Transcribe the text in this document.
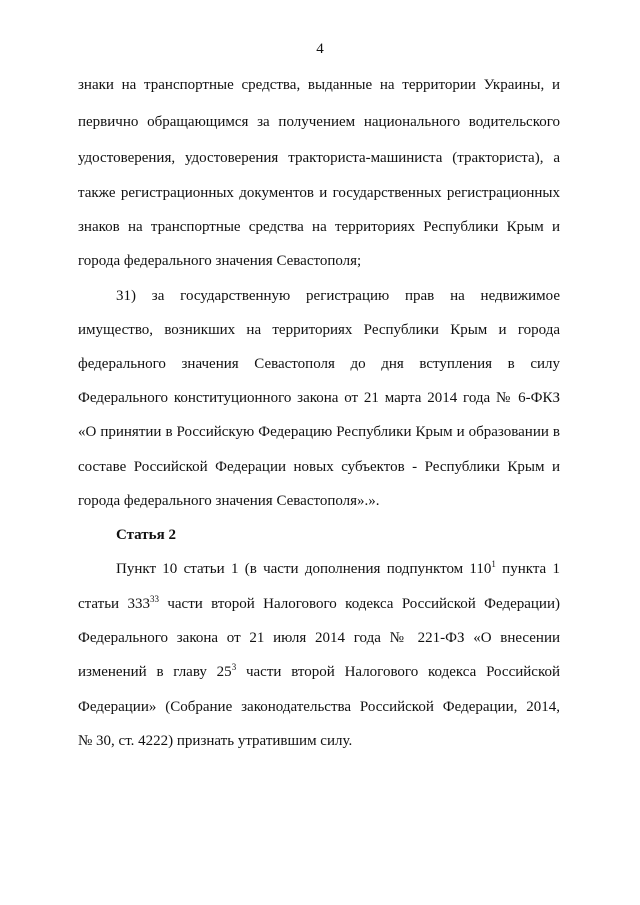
4
знаки на транспортные средства, выданные на территории Украины, и
первично обращающимся за получением национального водительского
удостоверения, удостоверения тракториста-машиниста (тракториста), а
также регистрационных документов и государственных регистрационных
знаков на транспортные средства на территориях Республики Крым и
города федерального значения Севастополя;
31) за государственную регистрацию прав на недвижимое
имущество, возникших на территориях Республики Крым и города
федерального значения Севастополя до дня вступления в силу
Федерального конституционного закона от 21 марта 2014 года № 6-ФКЗ
«О принятии в Российскую Федерацию Республики Крым и образовании в
составе Российской Федерации новых субъектов - Республики Крым и
города федерального значения Севастополя».».
Статья 2
Пункт 10 статьи 1 (в части дополнения подпунктом $110^1$ пункта 1
статьи $333^{33}$ части второй Налогового кодекса Российской Федерации)
Федерального закона от 21 июля 2014 года № 221-ФЗ «О внесении
изменений в главу $25^3$ части второй Налогового кодекса Российской
Федерации» (Собрание законодательства Российской Федерации, 2014,
№ 30, ст. 4222) признать утратившим силу.
